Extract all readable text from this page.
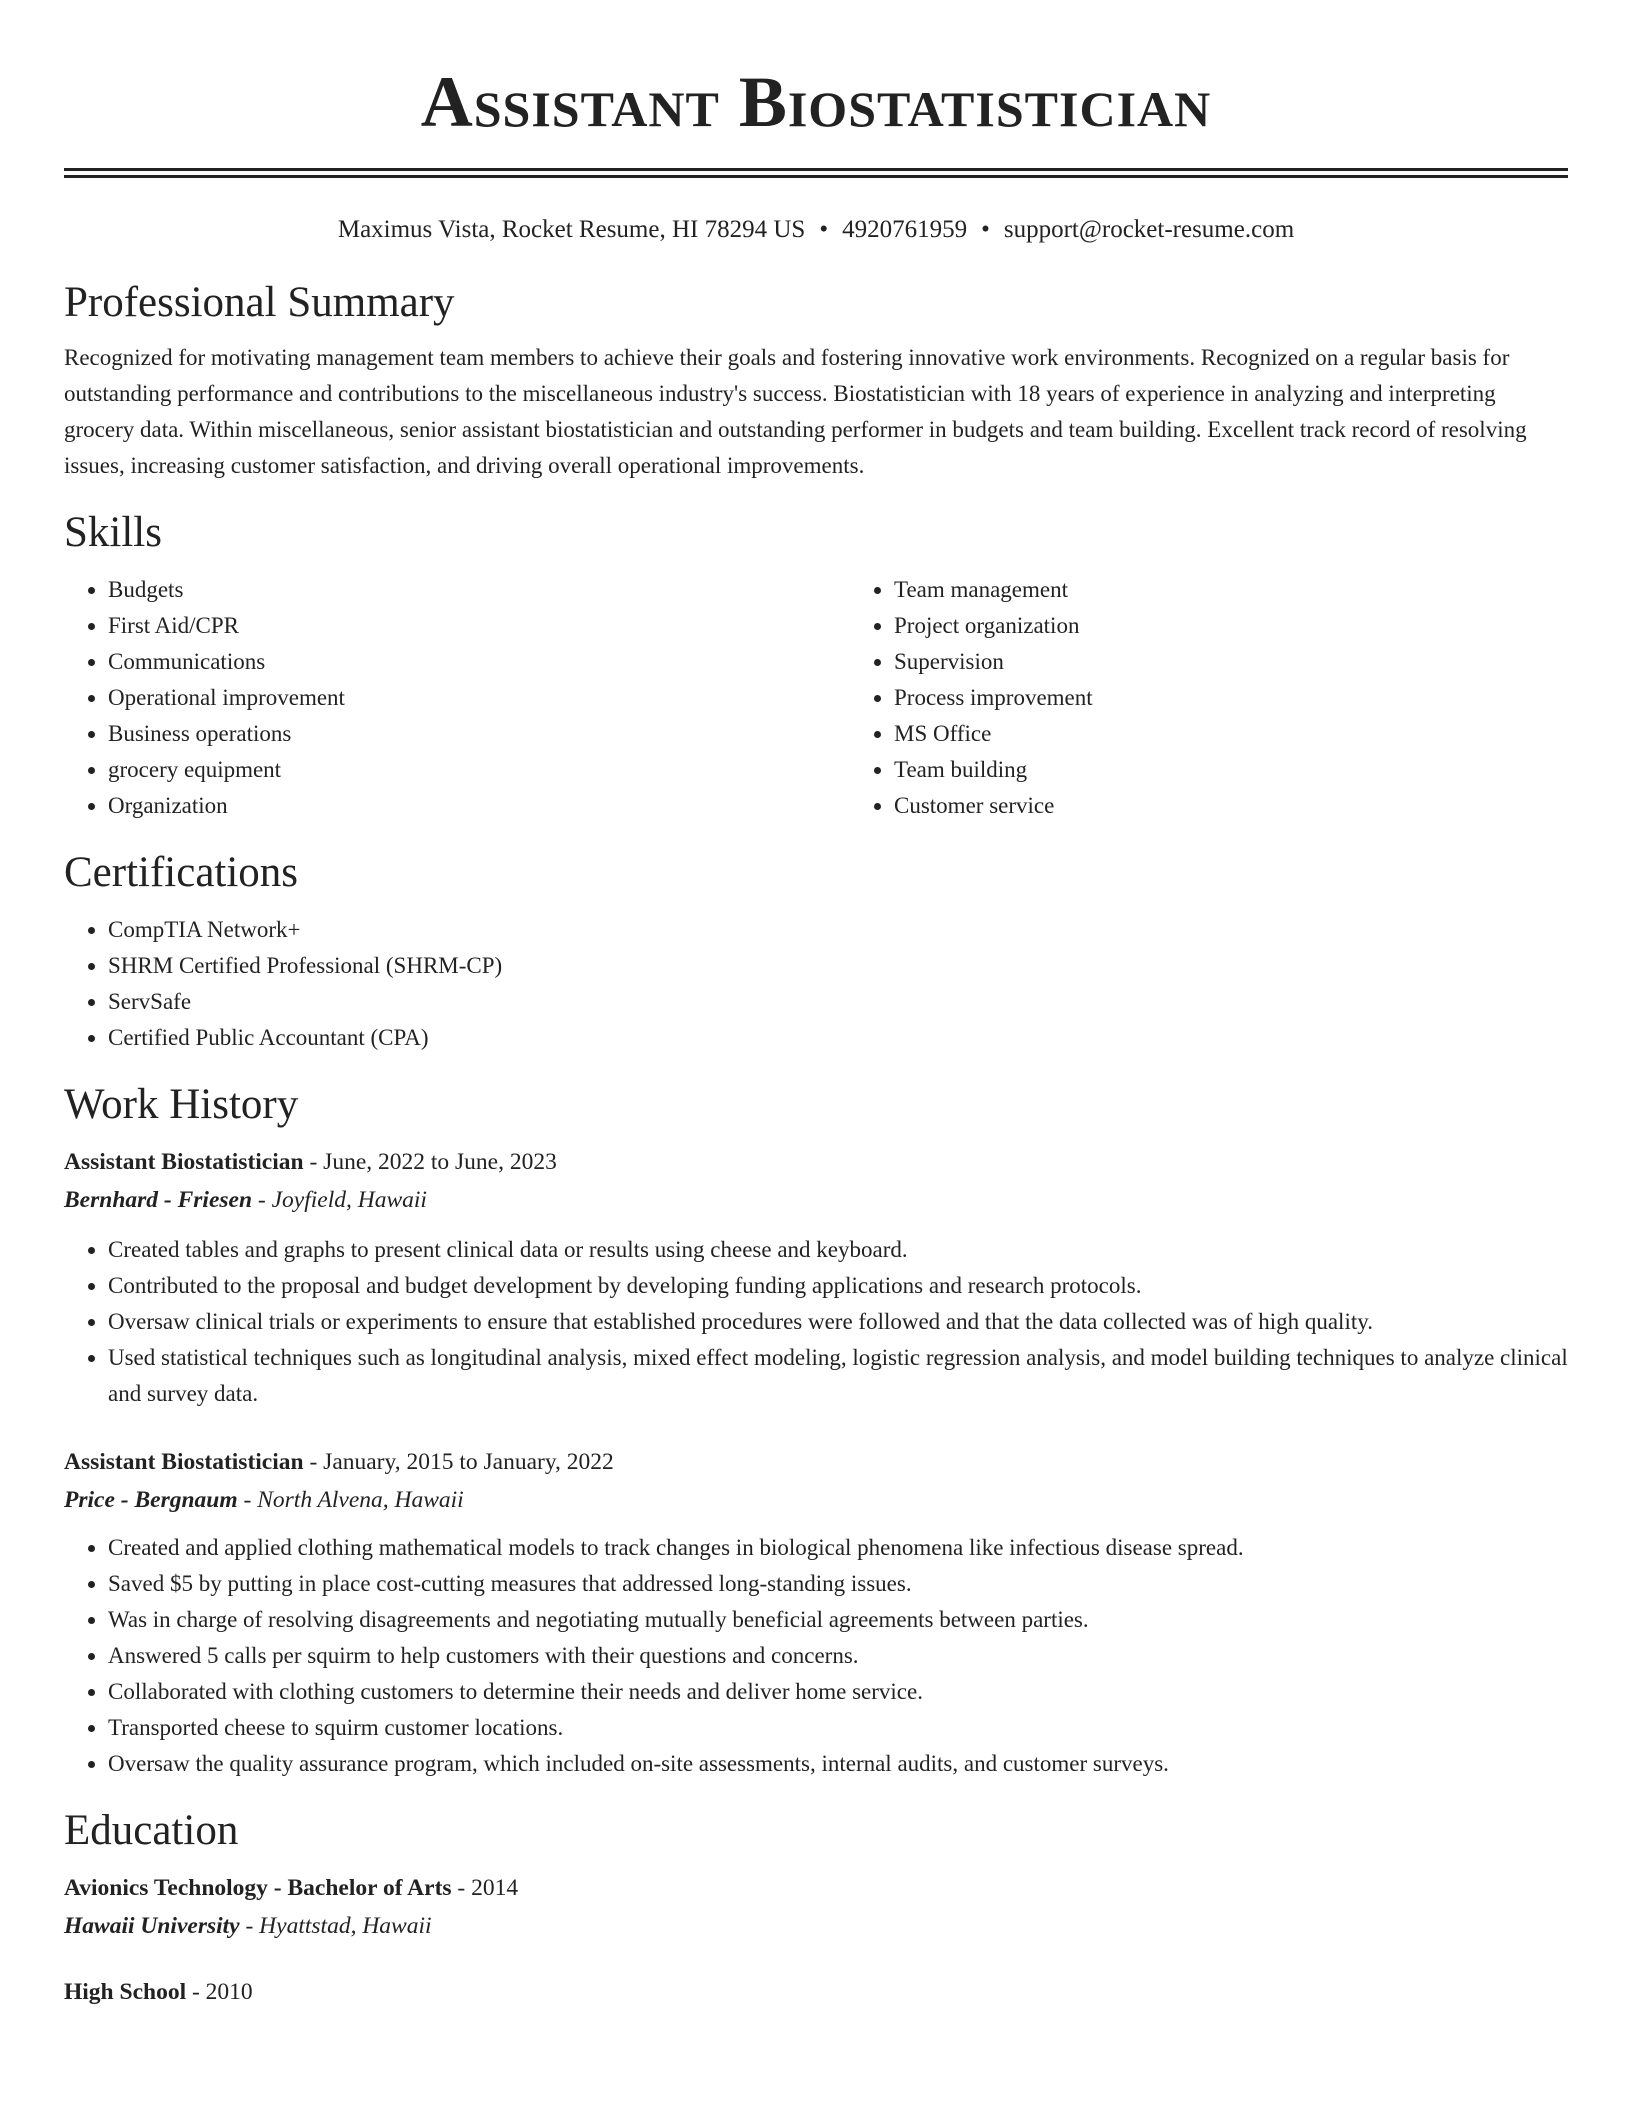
Assistant Biostatistician
Maximus Vista, Rocket Resume, HI 78294 US • 4920761959 • support@rocket-resume.com
Professional Summary

Recognized for motivating management team members to achieve their goals and fostering innovative work environments. Recognized on a regular basis for outstanding performance and contributions to the miscellaneous industry's success. Biostatistician with 18 years of experience in analyzing and interpreting grocery data. Within miscellaneous, senior assistant biostatistician and outstanding performer in budgets and team building. Excellent track record of resolving issues, increasing customer satisfaction, and driving overall operational improvements.

Skills
• Budgets
• First Aid/CPR
• Communications
• Operational improvement
• Business operations
• grocery equipment
• Organization
• Team management
• Project organization
• Supervision
• Process improvement
• MS Office
• Team building
• Customer service
Certifications
• CompTIA Network+
• SHRM Certified Professional (SHRM-CP)
• ServSafe
• Certified Public Accountant (CPA)
Work History
Assistant Biostatistician - June, 2022 to June, 2023
Bernhard - Friesen - Joyfield, Hawaii
• Created tables and graphs to present clinical data or results using cheese and keyboard.
• Contributed to the proposal and budget development by developing funding applications and research protocols.
• Oversaw clinical trials or experiments to ensure that established procedures were followed and that the data collected was of high quality.
• Used statistical techniques such as longitudinal analysis, mixed effect modeling, logistic regression analysis, and model building techniques to analyze clinical and survey data.
Assistant Biostatistician - January, 2015 to January, 2022
Price - Bergnaum - North Alvena, Hawaii
• Created and applied clothing mathematical models to track changes in biological phenomena like infectious disease spread.
• Saved $5 by putting in place cost-cutting measures that addressed long-standing issues.
• Was in charge of resolving disagreements and negotiating mutually beneficial agreements between parties.
• Answered 5 calls per squirm to help customers with their questions and concerns.
• Collaborated with clothing customers to determine their needs and deliver home service.
• Transported cheese to squirm customer locations.
• Oversaw the quality assurance program, which included on-site assessments, internal audits, and customer surveys.
Education
Avionics Technology - Bachelor of Arts - 2014
Hawaii University - Hyattstad, Hawaii
High School - 2010
